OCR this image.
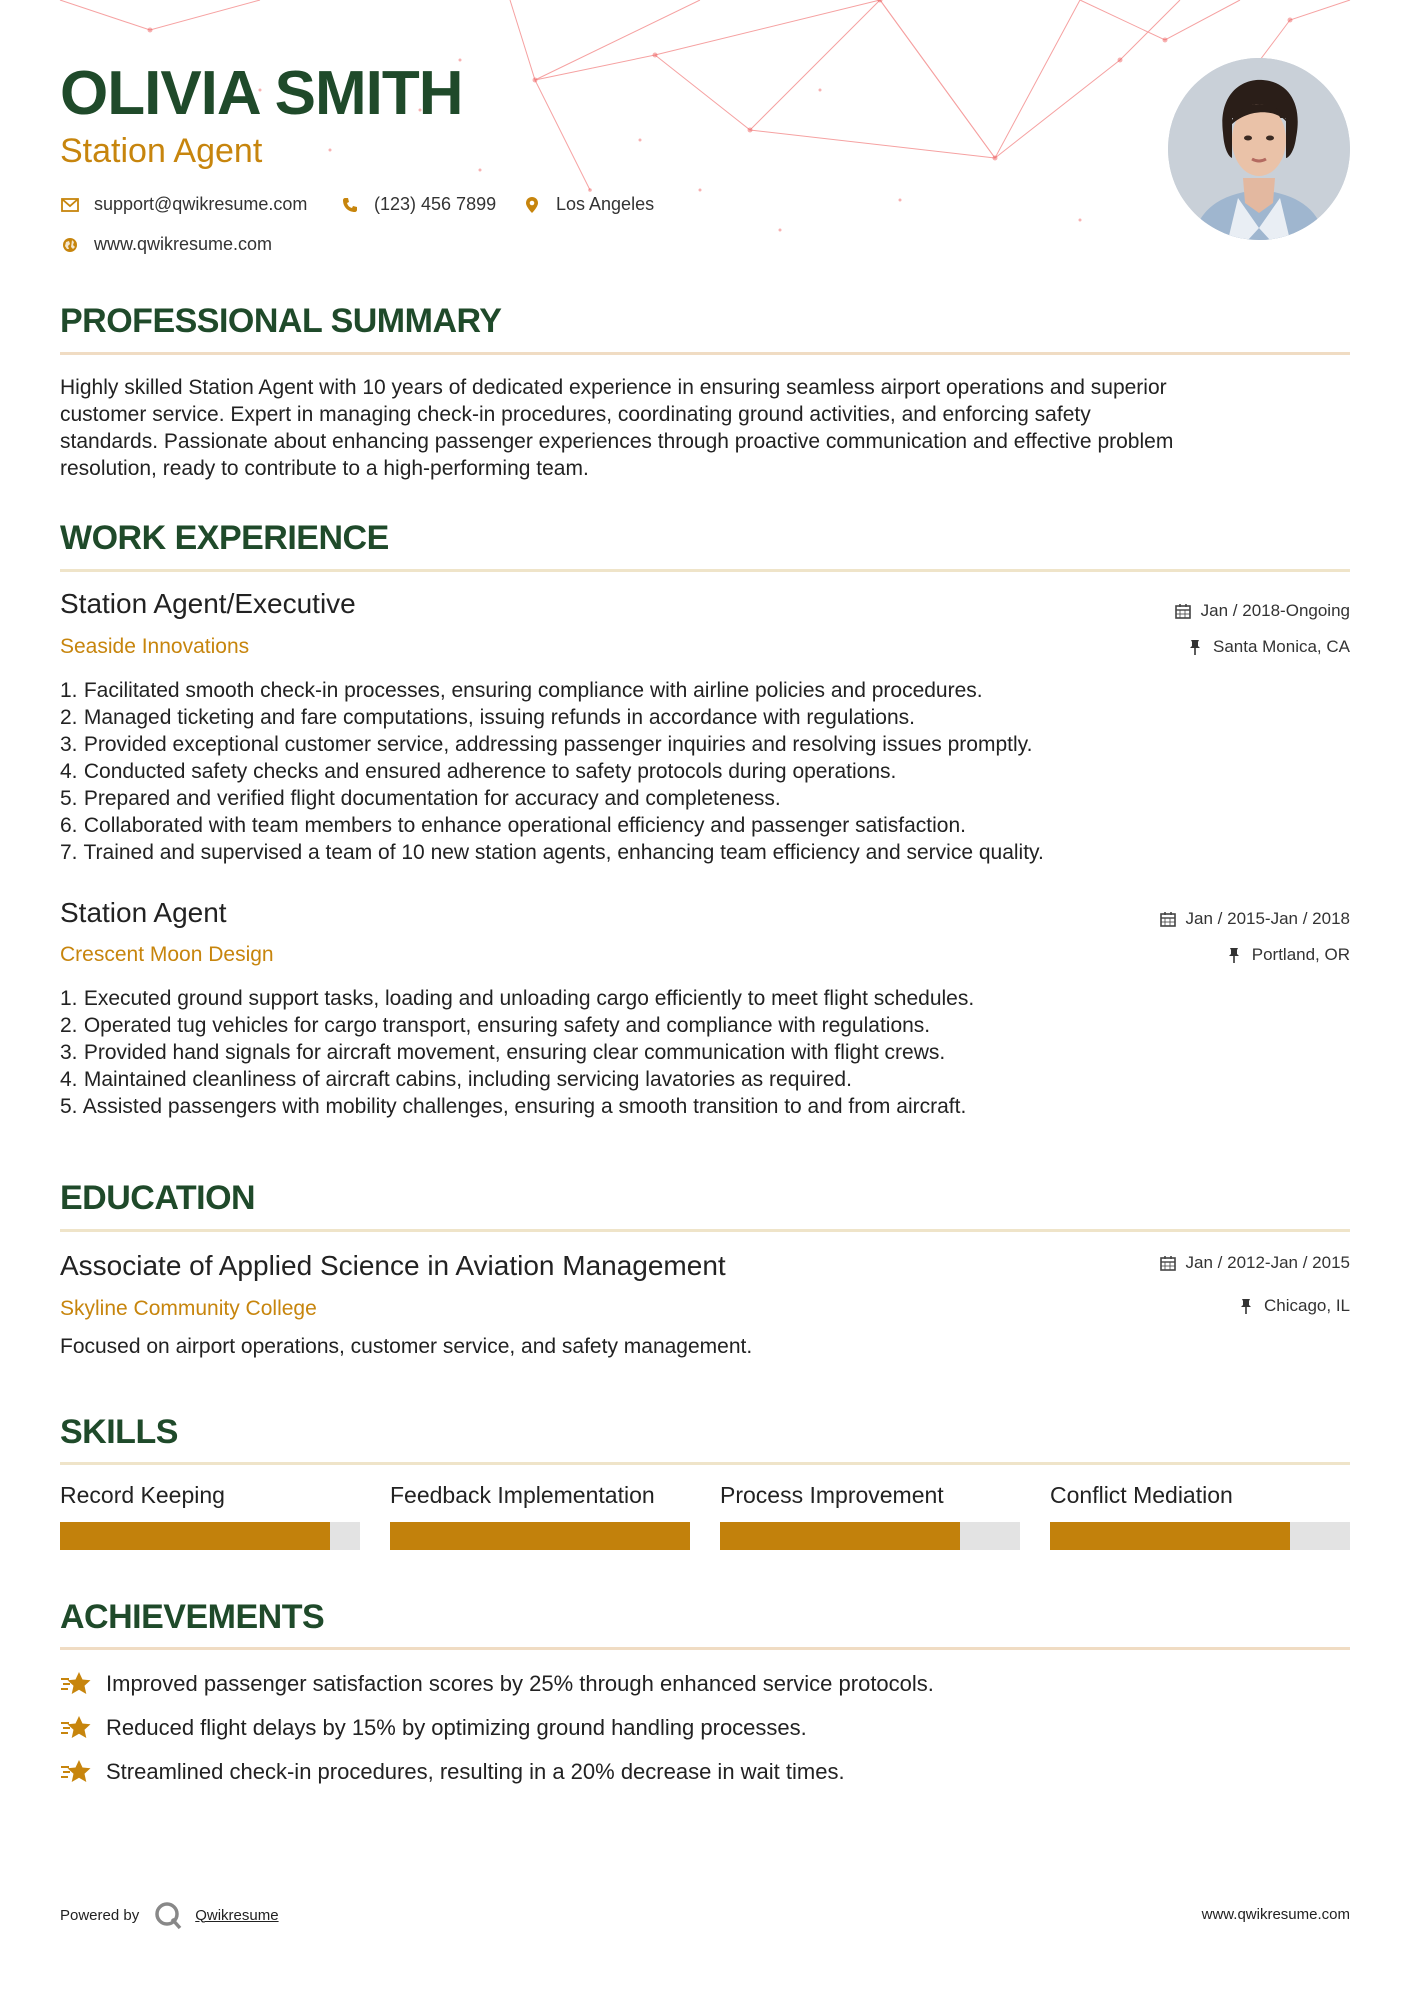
OLIVIA SMITH
Station Agent
support@qwikresume.com	(123) 456 7899	Los Angeles
www.qwikresume.com
PROFESSIONAL SUMMARY
Highly skilled Station Agent with 10 years of dedicated experience in ensuring seamless airport operations and superior
customer service. Expert in managing check-in procedures, coordinating ground activities, and enforcing safety
standards. Passionate about enhancing passenger experiences through proactive communication and effective problem
resolution, ready to contribute to a high-performing team.
WORK EXPERIENCE
Station Agent/Executive
Seaside Innovations
Jan / 2018-Ongoing
Santa Monica, CA
1. Facilitated smooth check-in processes, ensuring compliance with airline policies and procedures.
2. Managed ticketing and fare computations, issuing refunds in accordance with regulations.
3. Provided exceptional customer service, addressing passenger inquiries and resolving issues promptly.
4. Conducted safety checks and ensured adherence to safety protocols during operations.
5. Prepared and verified flight documentation for accuracy and completeness.
6. Collaborated with team members to enhance operational efficiency and passenger satisfaction.
7. Trained and supervised a team of 10 new station agents, enhancing team efficiency and service quality.
Station Agent
Crescent Moon Design
Jan / 2015-Jan / 2018
Portland, OR
1. Executed ground support tasks, loading and unloading cargo efficiently to meet flight schedules.
2. Operated tug vehicles for cargo transport, ensuring safety and compliance with regulations.
3. Provided hand signals for aircraft movement, ensuring clear communication with flight crews.
4. Maintained cleanliness of aircraft cabins, including servicing lavatories as required.
5. Assisted passengers with mobility challenges, ensuring a smooth transition to and from aircraft.
EDUCATION
Associate of Applied Science in Aviation Management
Skyline Community College
Jan / 2012-Jan / 2015
Chicago, IL
Focused on airport operations, customer service, and safety management.
SKILLS
Record Keeping	Feedback Implementation	Process Improvement	Conflict Mediation
ACHIEVEMENTS
Improved passenger satisfaction scores by 25% through enhanced service protocols.
Reduced flight delays by 15% by optimizing ground handling processes.
Streamlined check-in procedures, resulting in a 20% decrease in wait times.
Powered by	Qwikresume	www.qwikresume.com
